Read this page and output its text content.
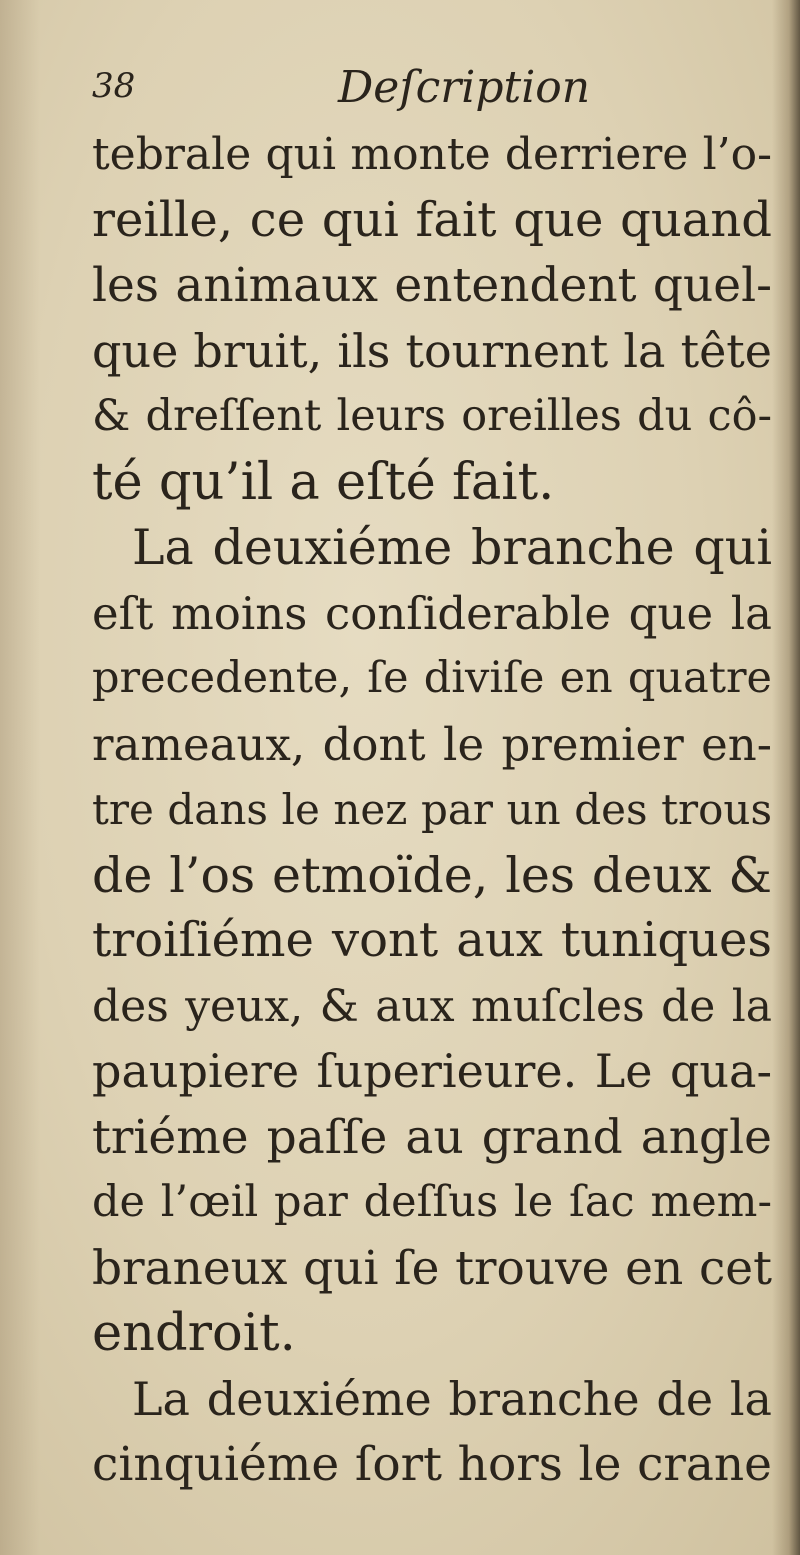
38	Deſcription
tebrale qui monte derriere l’o-
reille, ce qui fait que quand
les animaux entendent quel-
que bruit, ils tournent la tête
& dreſſent leurs oreilles du cô-
té qu’il a eſté fait.
La deuxiéme branche qui
eſt moins conſiderable que la
precedente, ſe diviſe en quatre
rameaux, dont le premier en-
tre dans le nez par un des trous
de l’os etmoïde, les deux &
troiſiéme vont aux tuniques
des yeux, & aux muſcles de la
paupiere ſuperieure. Le qua-
triéme paſſe au grand angle
de l’œil par deſſus le ſac mem-
braneux qui ſe trouve en cet
endroit.
La deuxiéme branche de la
cinquiéme ſort hors le crane
